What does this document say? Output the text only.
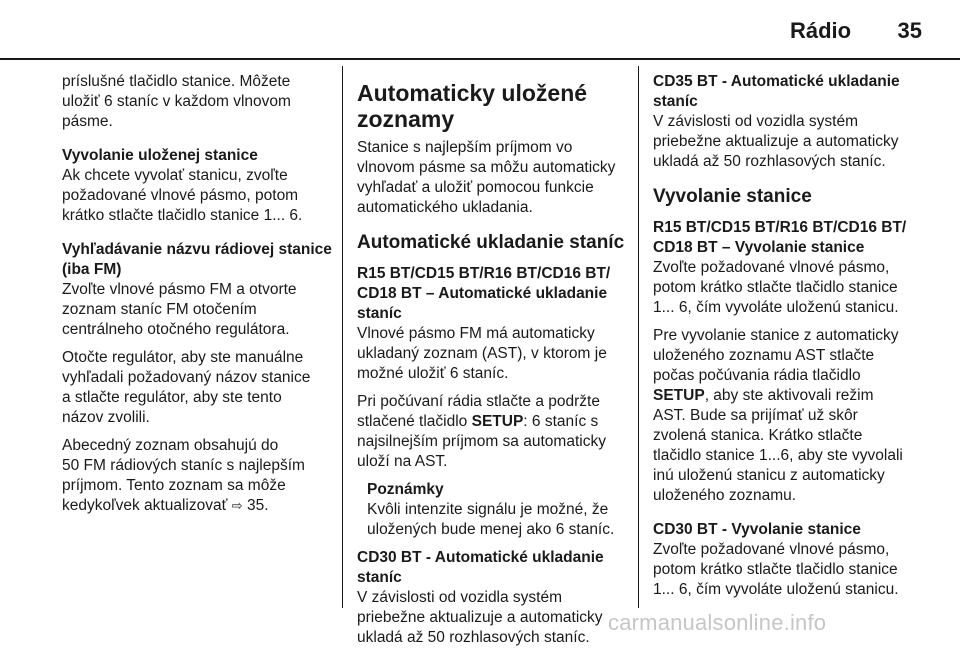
Rádio 35

príslušné tlačidlo stanice. Môžete
uložiť 6 staníc v každom vlnovom
pásme.

Vyvolanie uloženej stanice

Ak chcete vyvolať stanicu, zvoľte
požadované vlnové pásmo, potom
krátko stlačte tlačidlo stanice 1... 6.

Vyhľadávanie názvu rádiovej stanice
(iba FM)

Zvoľte vlnové pásmo FM a otvorte
zoznam staníc FM otočením
centrálneho otočného regulátora.

Otočte regulátor, aby ste manuálne
vyhľadali požadovaný názov stanice
a stlačte regulátor, aby ste tento
názov zvolili.

Abecedný zoznam obsahujú do
50 FM rádiových staníc s najlepším
príjmom. Tento zoznam sa môže
kedykoľvek aktualizovať ⇨ 35.

Automaticky uložené
zoznamy

Stanice s najlepším príjmom vo
vlnovom pásme sa môžu automaticky
vyhľadať a uložiť pomocou funkcie
automatického ukladania.

Automatické ukladanie staníc
R15 BT/CD15 BT/R16 BT/CD16 BT/
CD18 BT – Automatické ukladanie
staníc

Vlnové pásmo FM má automaticky
ukladaný zoznam (AST), v ktorom je
možné uložiť 6 staníc.

Pri počúvaní rádia stlačte a podržte
stlačené tlačidlo SETUP: 6 staníc s
najsilnejším príjmom sa automaticky
uloží na AST.

Poznámky

Kvôli intenzite signálu je možné, že
uložených bude menej ako 6 staníc.

CD30 BT - Automatické ukladanie
staníc

V závislosti od vozidla systém
priebežne aktualizuje a automaticky
ukladá až 50 rozhlasových staníc.

CD35 BT - Automatické ukladanie
staníc

V závislosti od vozidla systém
priebežne aktualizuje a automaticky
ukladá až 50 rozhlasových staníc.

Vyvolanie stanice
R15 BT/CD15 BT/R16 BT/CD16 BT/
CD18 BT – Vyvolanie stanice

Zvoľte požadované vlnové pásmo,
potom krátko stlačte tlačidlo stanice
1... 6, čím vyvoláte uloženú stanicu.

Pre vyvolanie stanice z automaticky
uloženého zoznamu AST stlačte
počas počúvania rádia tlačidlo
SETUP, aby ste aktivovali režim
AST. Bude sa prijímať už skôr
zvolená stanica. Krátko stlačte
tlačidlo stanice 1...6, aby ste vyvolali
inú uloženú stanicu z automaticky
uloženého zoznamu.

CD30 BT - Vyvolanie stanice

Zvoľte požadované vlnové pásmo,
potom krátko stlačte tlačidlo stanice
1... 6, čím vyvoláte uloženú stanicu.

carmanualsonline.info
